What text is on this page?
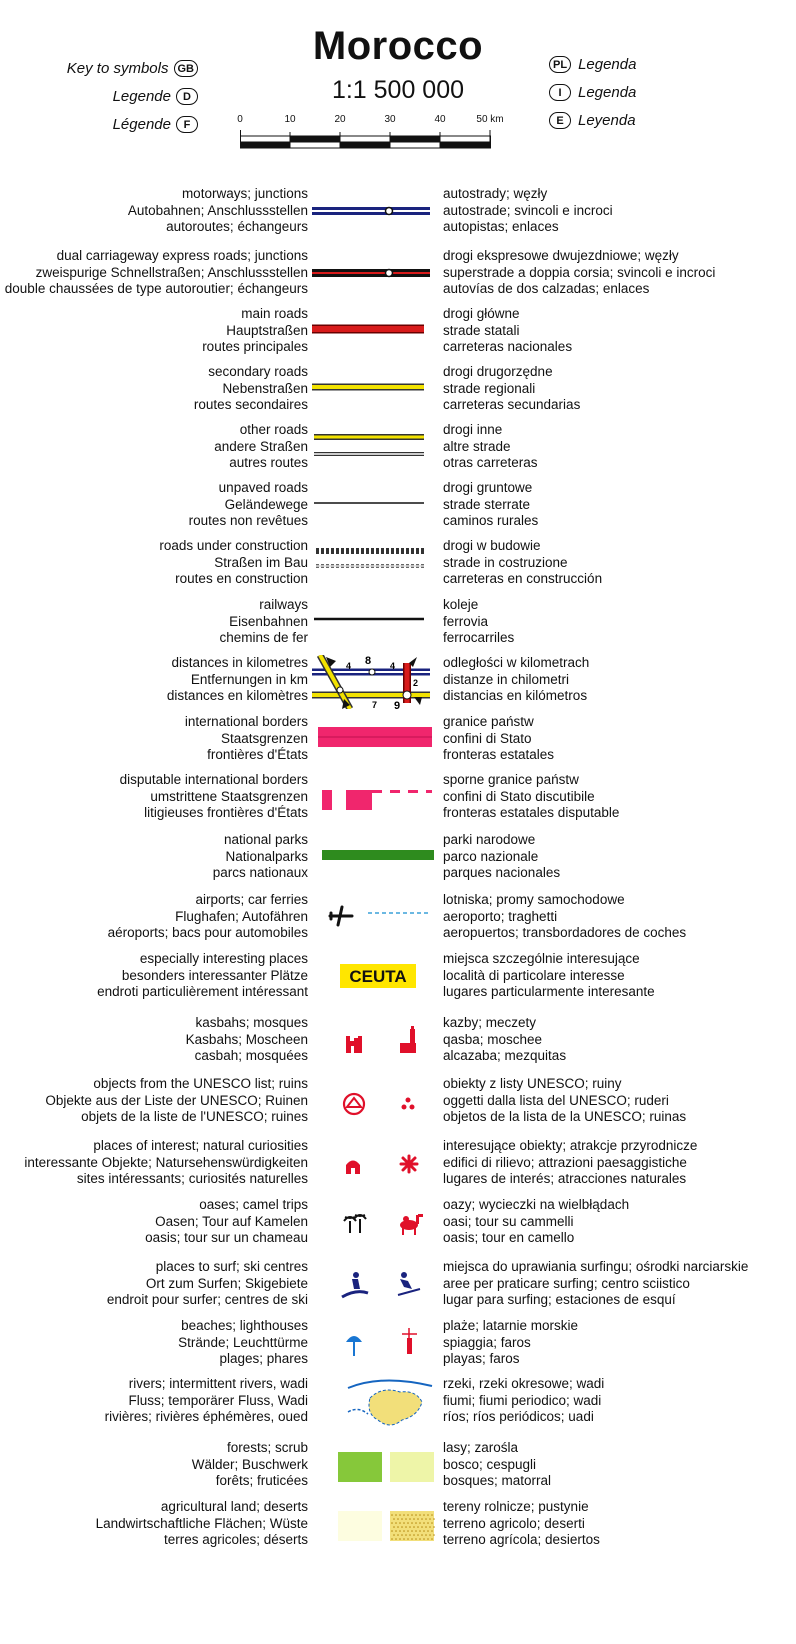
Morocco
1:1 500 000
Key to symbols GB
Legende	D
Légende	F
PL Legenda
I	Legenda
E Leyenda
0	10	20	30	40	50 km
motorways; junctions
Autobahnen; Anschlussstellen
autoroutes; échangeurs
autostrady; węzły
autostrade; svincoli e incroci
autopistas; enlaces
dual carriageway express roads; junctions
zweispurige Schnellstraßen; Anschlussstellen
double chaussées de type autoroutier; échangeurs
drogi ekspresowe dwujezdniowe; węzły
superstrade a doppia corsia; svincoli e incroci
autovías de dos calzadas; enlaces
main roads
Hauptstraßen
routes principales
drogi główne
strade statali
carreteras nacionales
secondary roads
Nebenstraßen
routes secondaires
drogi drugorzędne
strade regionali
carreteras secundarias
other roads
andere Straßen
autres routes
drogi inne
altre strade
otras carreteras
unpaved roads
Geländewege
routes non revêtues
drogi gruntowe
strade sterrate
caminos rurales
roads under construction
Straßen im Bau
routes en construction
drogi w budowie
strade in costruzione
carreteras en construcción
railways
Eisenbahnen
chemins de fer
koleje
ferrovia
ferrocarriles
distances in kilometres
Entfernungen in km
distances en kilomètres
8
4	4
2
7 9
odległości w kilometrach
distanze in chilometri
distancias en kilómetros
international borders
Staatsgrenzen
frontières d'États
granice państw
confini di Stato
fronteras estatales
disputable international borders
umstrittene Staatsgrenzen
litigieuses frontières d'États
sporne granice państw
confini di Stato discutibile
fronteras estatales disputable
national parks
Nationalparks
parcs nationaux
parki narodowe
parco nazionale
parques nacionales
airports; car ferries
Flughafen; Autofähren
aéroports; bacs pour automobiles
lotniska; promy samochodowe
aeroporto; traghetti
aeropuertos; transbordadores de coches
especially interesting places
besonders interessanter Plätze
endroti particulièrement intéressant
CEUTA
miejsca szczególnie interesujące
località di particolare interesse
lugares particularmente interesante
kasbahs; mosques
Kasbahs; Moscheen
casbah; mosquées
kazby; meczety
qasba; moschee
alcazaba; mezquitas
objects from the UNESCO list; ruins
Objekte aus der Liste der UNESCO; Ruinen
objets de la liste de l'UNESCO; ruines
obiekty z listy UNESCO; ruiny
oggetti dalla lista del UNESCO; ruderi
objetos de la lista de la UNESCO; ruinas
places of interest; natural curiosities
interessante Objekte; Natursehenswürdigkeiten
sites intéressants; curiosités naturelles
interesujące obiekty; atrakcje przyrodnicze
edifici di rilievo; attrazioni paesaggistiche
lugares de interés; atracciones naturales
oases; camel trips
Oasen; Tour auf Kamelen
oasis; tour sur un chameau
oazy; wycieczki na wielbłądach
oasi; tour su cammelli
oasis; tour en camello
places to surf; ski centres
Ort zum Surfen; Skigebiete
endroit pour surfer; centres de ski
miejsca do uprawiania surfingu; ośrodki narciarskie
aree per praticare surfing; centro sciistico
lugar para surfing; estaciones de esquí
beaches; lighthouses
Strände; Leuchttürme
plages; phares
plaże; latarnie morskie
spiaggia; faros
playas; faros
rivers; intermittent rivers, wadi
Fluss; temporärer Fluss, Wadi
rivières; rivières éphémères, oued
rzeki, rzeki okresowe; wadi
fiumi; fiumi periodico; wadi
ríos; ríos periódicos; uadi
forests; scrub
Wälder; Buschwerk
forêts; fruticées
lasy; zarośla
bosco; cespugli
bosques; matorral
agricultural land; deserts
Landwirtschaftliche Flächen; Wüste
terres agricoles; déserts
tereny rolnicze; pustynie
terreno agricolo; deserti
terreno agrícola; desiertos
